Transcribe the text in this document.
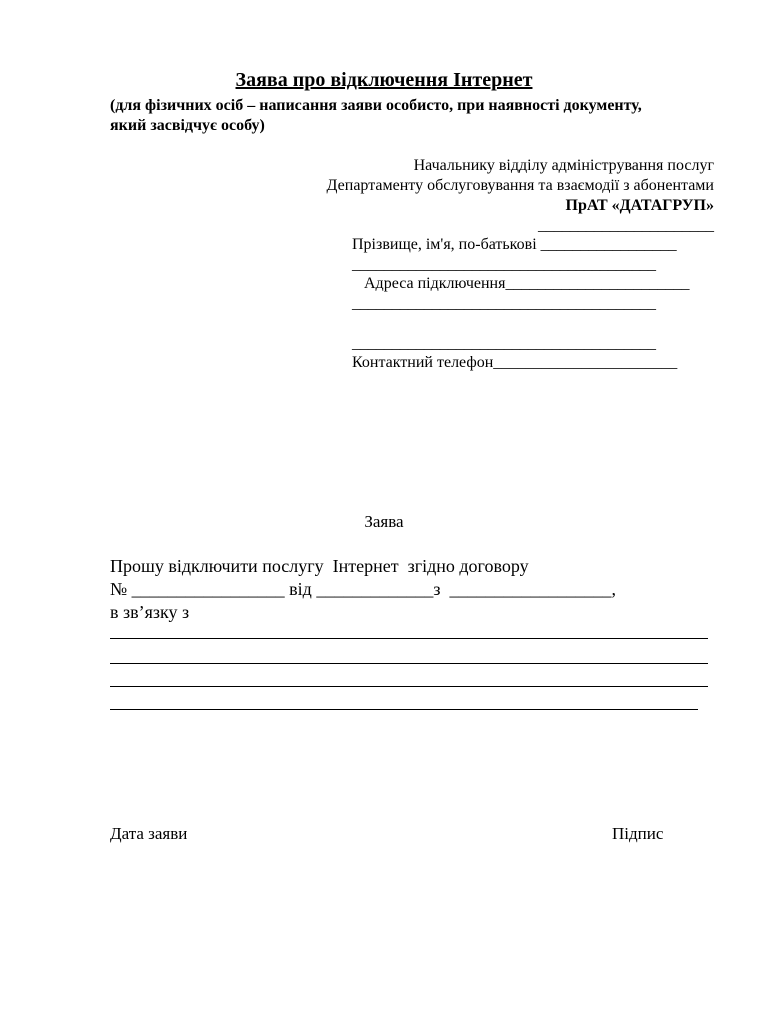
Заява про відключення Інтернет
(для фізичних осіб – написання заяви особисто, при наявності документу,
який засвідчує особу)
Начальнику відділу адміністрування послуг
Департаменту обслуговування та взаємодії з абонентами
ПрАТ «ДАТАГРУП»
______________________
Прізвище, ім'я, по-батькові _________________
______________________________________
Адреса підключення_______________________
______________________________________
______________________________________
Контактний телефон_______________________
Заява
Прошу відключити послугу  Інтернет  згідно договору
№ _________________ від _____________з  __________________,
в зв’язку з
Дата заяви	Підпис
